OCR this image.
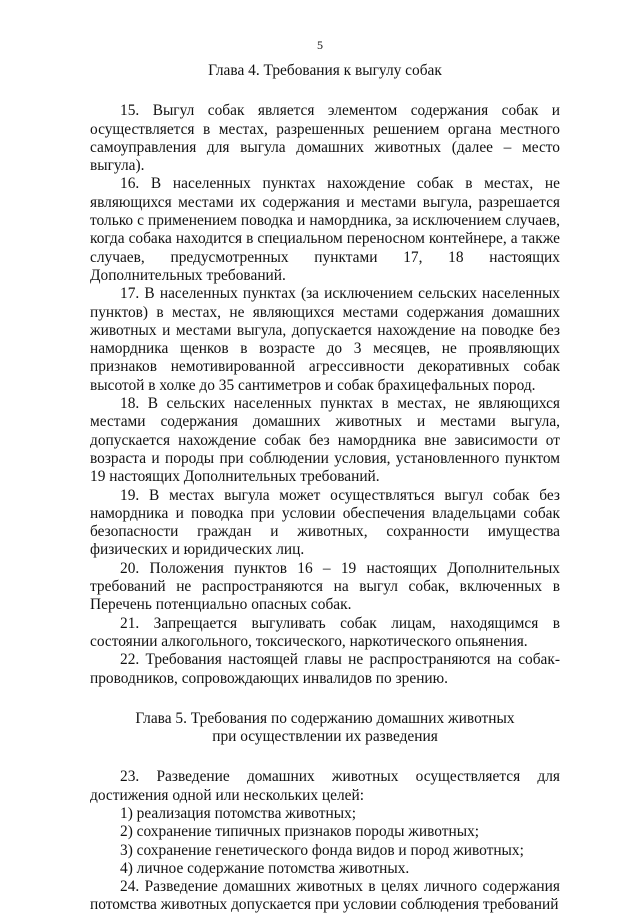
5

Глава 4. Требования к выгулу собак

15. Выгул собак является элементом содержания собак и осуществляется в местах, разрешенных решением органа местного самоуправления для выгула домашних животных (далее – место выгула).

16. В населенных пунктах нахождение собак в местах, не являющихся местами их содержания и местами выгула, разрешается только с применением поводка и намордника, за исключением случаев, когда собака находится в специальном переносном контейнере, а также случаев, предусмотренных пунктами 17, 18 настоящих Дополнительных требований.

17. В населенных пунктах (за исключением сельских населенных пунктов) в местах, не являющихся местами содержания домашних животных и местами выгула, допускается нахождение на поводке без намордника щенков в возрасте до 3 месяцев, не проявляющих признаков немотивированной агрессивности декоративных собак высотой в холке до 35 сантиметров и собак брахицефальных пород.

18. В сельских населенных пунктах в местах, не являющихся местами содержания домашних животных и местами выгула, допускается нахождение собак без намордника вне зависимости от возраста и породы при соблюдении условия, установленного пунктом 19 настоящих Дополнительных требований.

19. В местах выгула может осуществляться выгул собак без намордника и поводка при условии обеспечения владельцами собак безопасности граждан и животных, сохранности имущества физических и юридических лиц.

20. Положения пунктов 16 – 19 настоящих Дополнительных требований не распространяются на выгул собак, включенных в Перечень потенциально опасных собак.

21. Запрещается выгуливать собак лицам, находящимся в состоянии алкогольного, токсического, наркотического опьянения.

22. Требования настоящей главы не распространяются на собак-проводников, сопровождающих инвалидов по зрению.

Глава 5. Требования по содержанию домашних животных
при осуществлении их разведения

23. Разведение домашних животных осуществляется для достижения одной или нескольких целей:

1) реализация потомства животных;

2) сохранение типичных признаков породы животных;

3) сохранение генетического фонда видов и пород животных;

4) личное содержание потомства животных.

24. Разведение домашних животных в целях личного содержания потомства животных допускается при условии соблюдения требований
